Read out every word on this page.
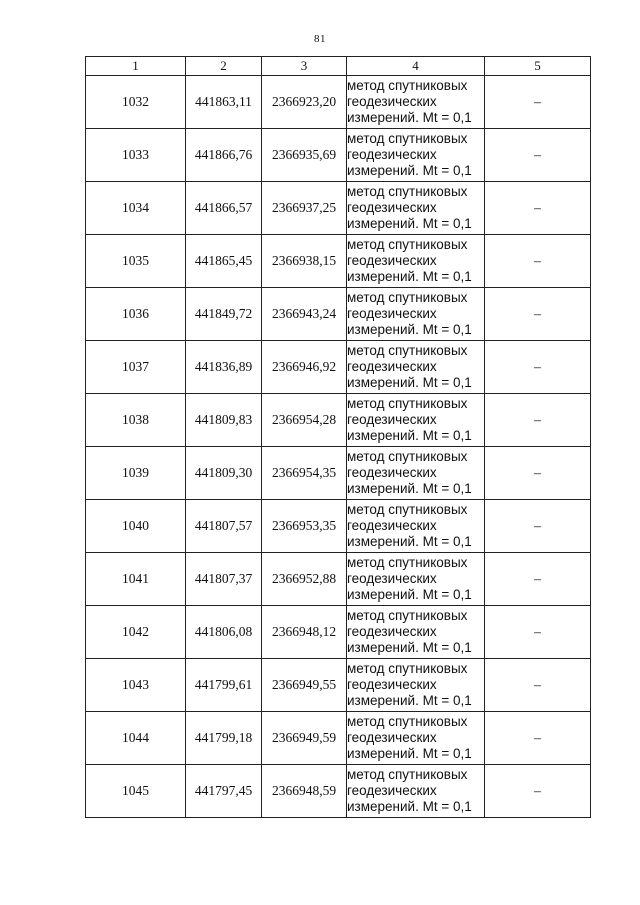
81
1	2	3	4	5
1032	441863,11	2366923,20	метод спутниковых
геодезических
измерений. Mt = 0,1	–
1033	441866,76	2366935,69	метод спутниковых
геодезических
измерений. Mt = 0,1	–
1034	441866,57	2366937,25	метод спутниковых
геодезических
измерений. Mt = 0,1	–
1035	441865,45	2366938,15	метод спутниковых
геодезических
измерений. Mt = 0,1	–
1036	441849,72	2366943,24	метод спутниковых
геодезических
измерений. Mt = 0,1	–
1037	441836,89	2366946,92	метод спутниковых
геодезических
измерений. Mt = 0,1	–
1038	441809,83	2366954,28	метод спутниковых
геодезических
измерений. Mt = 0,1	–
1039	441809,30	2366954,35	метод спутниковых
геодезических
измерений. Mt = 0,1	–
1040	441807,57	2366953,35	метод спутниковых
геодезических
измерений. Mt = 0,1	–
1041	441807,37	2366952,88	метод спутниковых
геодезических
измерений. Mt = 0,1	–
1042	441806,08	2366948,12	метод спутниковых
геодезических
измерений. Mt = 0,1	–
1043	441799,61	2366949,55	метод спутниковых
геодезических
измерений. Mt = 0,1	–
1044	441799,18	2366949,59	метод спутниковых
геодезических
измерений. Mt = 0,1	–
1045	441797,45	2366948,59	метод спутниковых
геодезических
измерений. Mt = 0,1	–
